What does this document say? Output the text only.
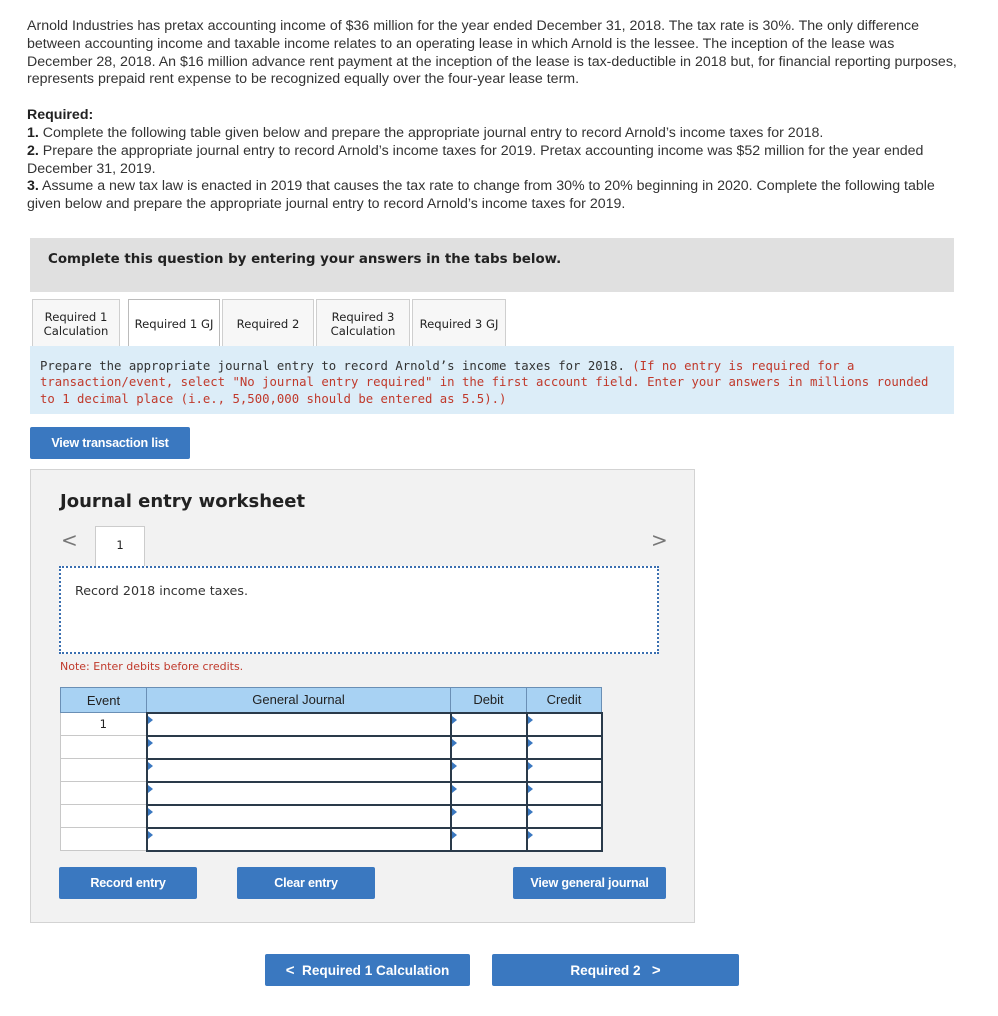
Arnold Industries has pretax accounting income of $36 million for the year ended December 31, 2018. The tax rate is 30%. The only difference between accounting income and taxable income relates to an operating lease in which Arnold is the lessee. The inception of the lease was December 28, 2018. An $16 million advance rent payment at the inception of the lease is tax-deductible in 2018 but, for financial reporting purposes, represents prepaid rent expense to be recognized equally over the four-year lease term.

Required:

1. Complete the following table given below and prepare the appropriate journal entry to record Arnold’s income taxes for 2018.

2. Prepare the appropriate journal entry to record Arnold’s income taxes for 2019. Pretax accounting income was $52 million for the year ended December 31, 2019.

3. Assume a new tax law is enacted in 2019 that causes the tax rate to change from 30% to 20% beginning in 2020. Complete the following table given below and prepare the appropriate journal entry to record Arnold’s income taxes for 2019.

Complete this question by entering your answers in the tabs below.
Required 1
Calculation Required 1 GJ Required 2	Required 3
Calculation Required 3 GJ
Prepare the appropriate journal entry to record Arnold’s income taxes for 2018. (If no entry is required for a transaction/event, select "No journal entry required" in the first account field. Enter your answers in millions rounded to 1 decimal place (i.e., 5,500,000 should be entered as 5.5).)
View transaction list
Journal entry worksheet
<	1	>
Record 2018 income taxes.
Note: Enter debits before credits.
Event	General Journal	Debit	Credit
1	

Record entry	Clear entry	View general journal
<
Required 1 Calculation	Required 2
>
